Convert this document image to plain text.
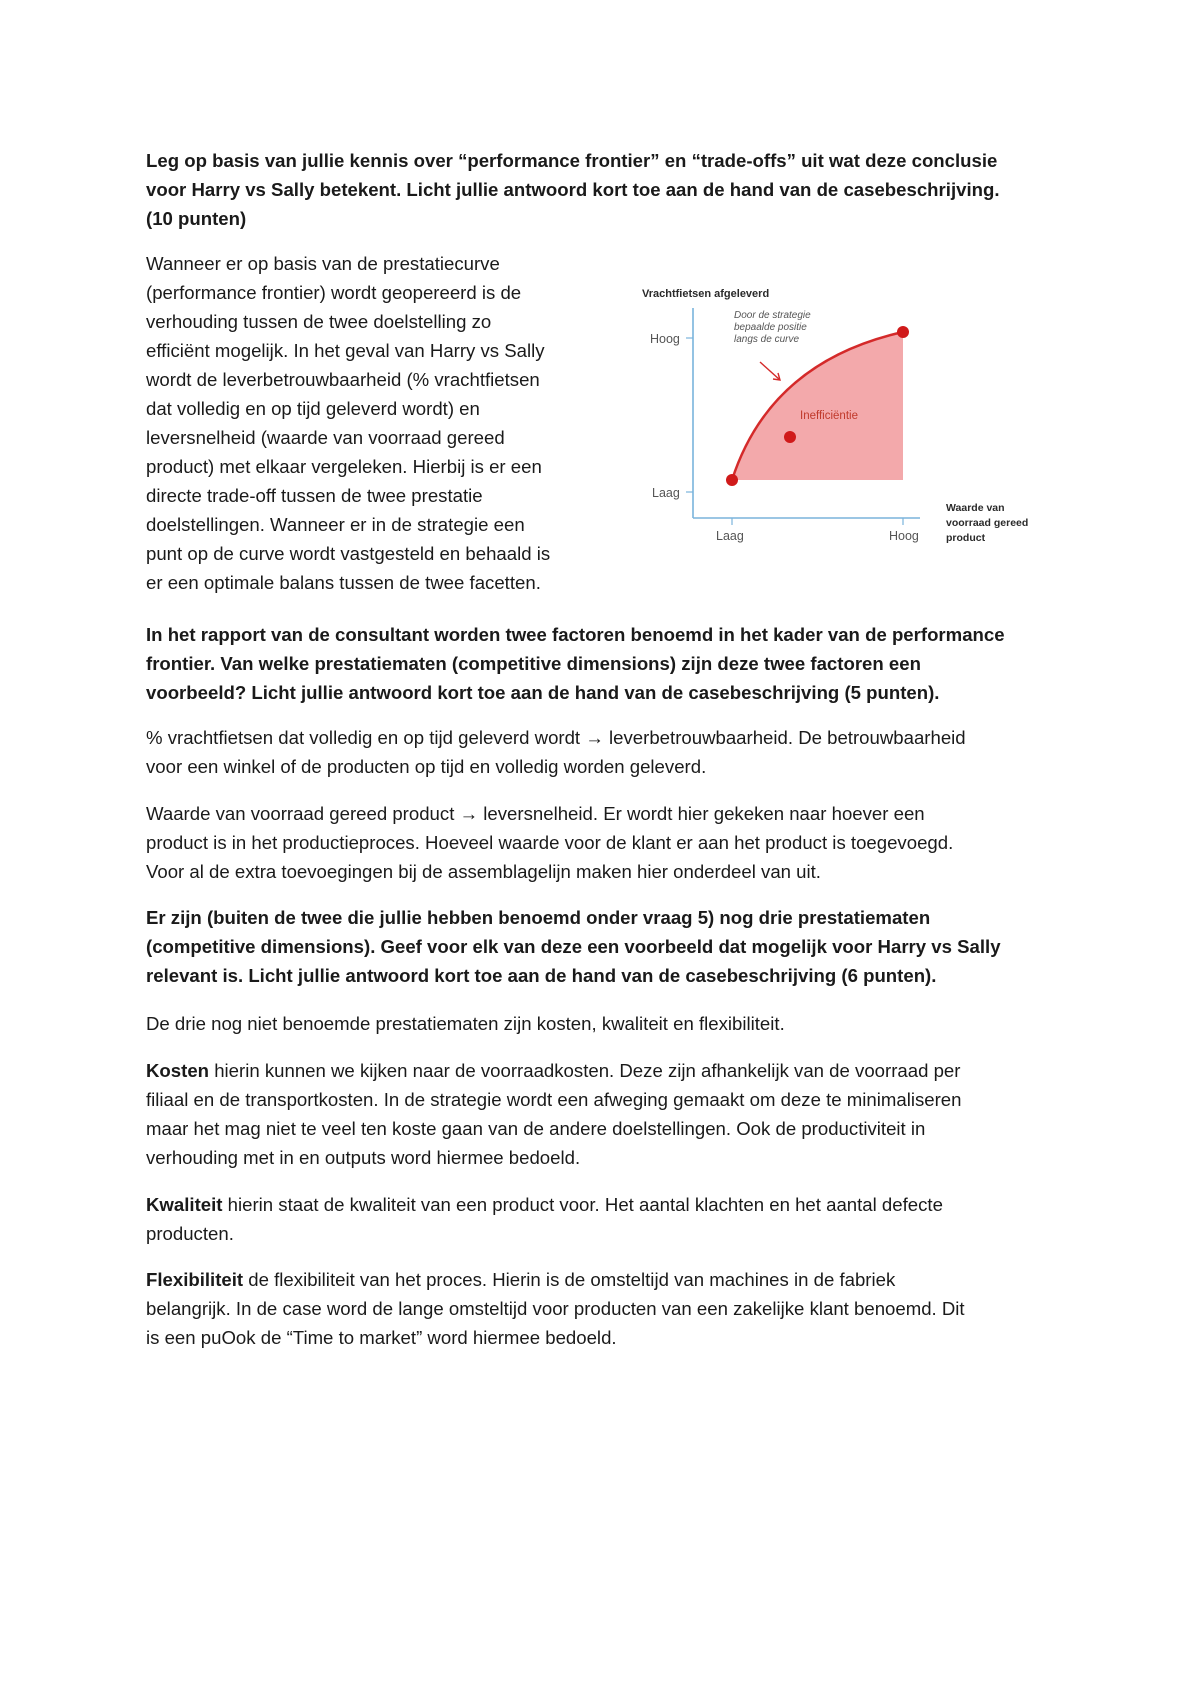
Leg op basis van jullie kennis over “performance frontier” en “trade-offs” uit wat deze conclusie
voor Harry vs Sally betekent. Licht jullie antwoord kort toe aan de hand van de casebeschrijving.
(10 punten)
Wanneer er op basis van de prestatiecurve
(performance frontier) wordt geopereerd is de
verhouding tussen de twee doelstelling zo
efficiënt mogelijk. In het geval van Harry vs Sally
wordt de leverbetrouwbaarheid (% vrachtfietsen
dat volledig en op tijd geleverd wordt) en
leversnelheid (waarde van voorraad gereed
product) met elkaar vergeleken. Hierbij is er een
directe trade-off tussen de twee prestatie
doelstellingen. Wanneer er in de strategie een
punt op de curve wordt vastgesteld en behaald is
er een optimale balans tussen de twee facetten.
Vrachtfietsen afgeleverd
Hoog
Laag
Laag	Hoog
Door de strategie
bepaalde positie
langs de curve
Inefficiëntie
Waarde van
voorraad gereed
product
In het rapport van de consultant worden twee factoren benoemd in het kader van de performance
frontier. Van welke prestatiematen (competitive dimensions) zijn deze twee factoren een
voorbeeld? Licht jullie antwoord kort toe aan de hand van de casebeschrijving (5 punten).
% vrachtfietsen dat volledig en op tijd geleverd wordt → leverbetrouwbaarheid. De betrouwbaarheid
voor een winkel of de producten op tijd en volledig worden geleverd.
Waarde van voorraad gereed product → leversnelheid. Er wordt hier gekeken naar hoever een
product is in het productieproces. Hoeveel waarde voor de klant er aan het product is toegevoegd.
Voor al de extra toevoegingen bij de assemblagelijn maken hier onderdeel van uit.
Er zijn (buiten de twee die jullie hebben benoemd onder vraag 5) nog drie prestatiematen
(competitive dimensions). Geef voor elk van deze een voorbeeld dat mogelijk voor Harry vs Sally
relevant is. Licht jullie antwoord kort toe aan de hand van de casebeschrijving (6 punten).
De drie nog niet benoemde prestatiematen zijn kosten, kwaliteit en flexibiliteit.
Kosten hierin kunnen we kijken naar de voorraadkosten. Deze zijn afhankelijk van de voorraad per
filiaal en de transportkosten. In de strategie wordt een afweging gemaakt om deze te minimaliseren
maar het mag niet te veel ten koste gaan van de andere doelstellingen. Ook de productiviteit in
verhouding met in en outputs word hiermee bedoeld.
Kwaliteit hierin staat de kwaliteit van een product voor. Het aantal klachten en het aantal defecte
producten.
Flexibiliteit de flexibiliteit van het proces. Hierin is de omsteltijd van machines in de fabriek
belangrijk. In de case word de lange omsteltijd voor producten van een zakelijke klant benoemd. Dit
is een puOok de “Time to market” word hiermee bedoeld.
